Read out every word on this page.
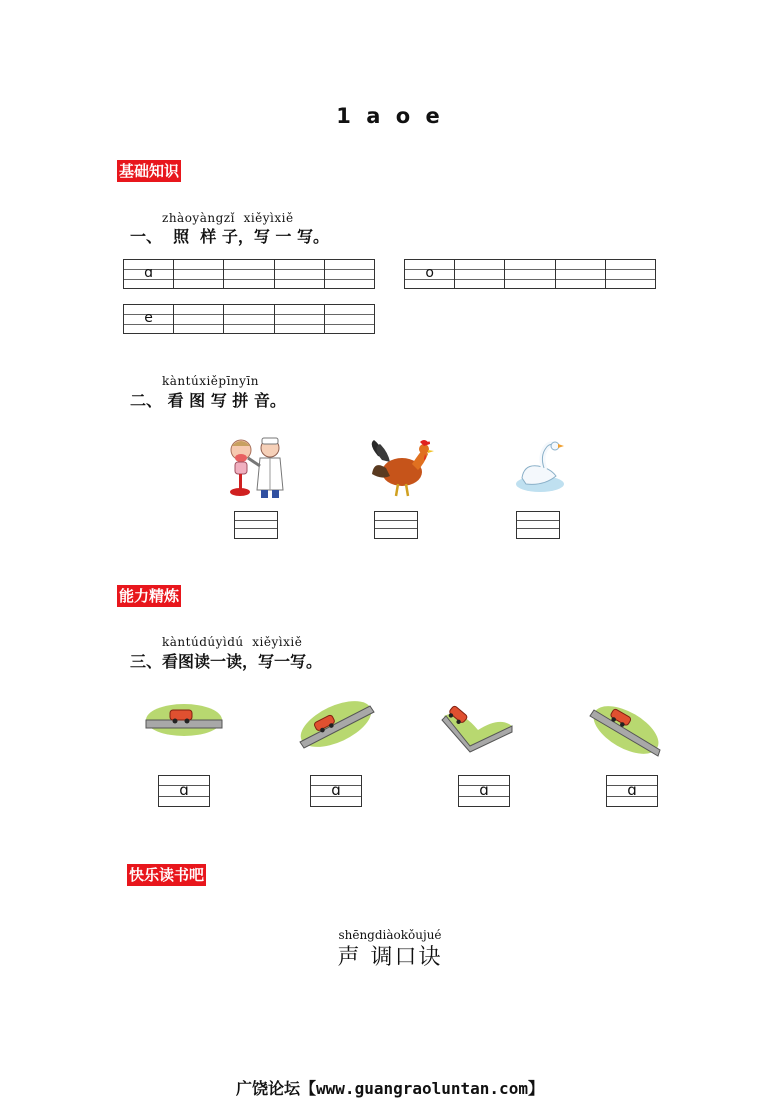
1 a o e
基础知识
zhàoyàngzǐ  xiěyìxiě
一、  照  样 子，写 一 写。
ɑ	o
e
kàntúxiěpīnyīn
二、 看 图 写 拼 音。
能力精炼
kàntúdúyìdú  xiěyìxiě
三、看图读一读，写一写。
ɑ	ɑ	ɑ	ɑ
快乐读书吧
shēngdiàokǒujué
声 调口诀
广饶论坛【www.guangraoluntan.com】
